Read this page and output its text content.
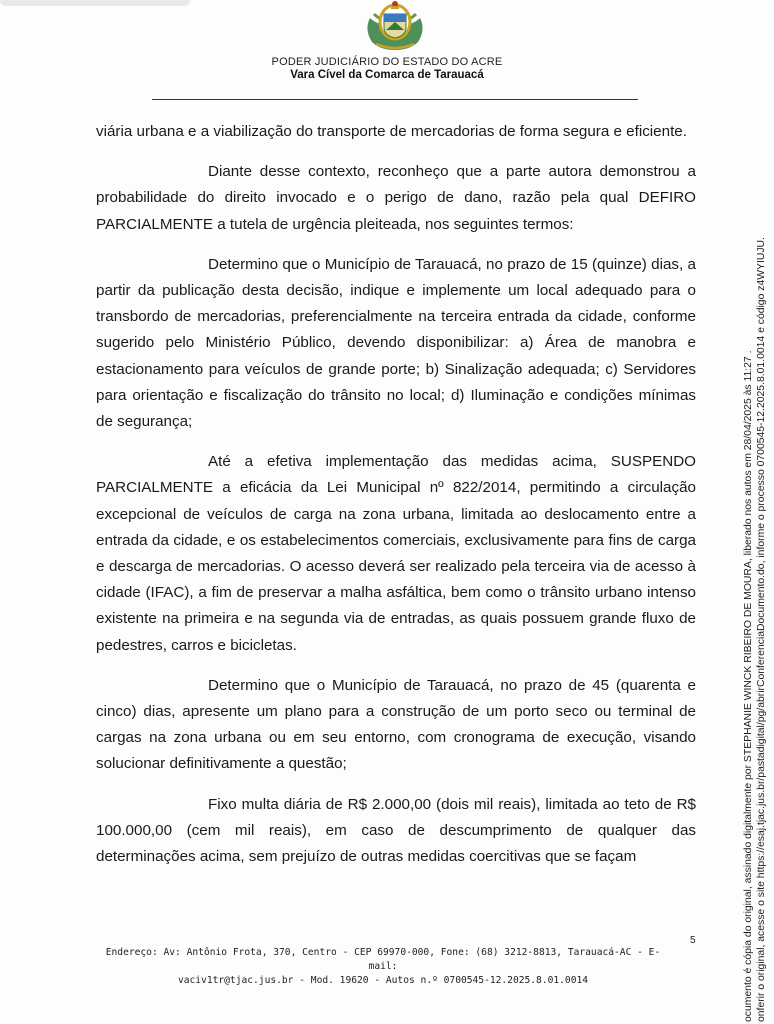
PODER JUDICIÁRIO DO ESTADO DO ACRE
Vara Cível da Comarca de Tarauacá

viária urbana e a viabilização do transporte de mercadorias de forma segura e eficiente.

Diante desse contexto, reconheço que a parte autora demonstrou a probabilidade do direito invocado e o perigo de dano, razão pela qual DEFIRO PARCIALMENTE a tutela de urgência pleiteada, nos seguintes termos:

Determino que o Município de Tarauacá, no prazo de 15 (quinze) dias, a partir da publicação desta decisão, indique e implemente um local adequado para o transbordo de mercadorias, preferencialmente na terceira entrada da cidade, conforme sugerido pelo Ministério Público, devendo disponibilizar: a) Área de manobra e estacionamento para veículos de grande porte; b) Sinalização adequada; c) Servidores para orientação e fiscalização do trânsito no local; d) Iluminação e condições mínimas de segurança;

Até a efetiva implementação das medidas acima, SUSPENDO PARCIALMENTE a eficácia da Lei Municipal nº 822/2014, permitindo a circulação excepcional de veículos de carga na zona urbana, limitada ao deslocamento entre a entrada da cidade, e os estabelecimentos comerciais, exclusivamente para fins de carga e descarga de mercadorias. O acesso deverá ser realizado pela terceira via de acesso à cidade (IFAC), a fim de preservar a malha asfáltica, bem como o trânsito urbano intenso existente na primeira e na segunda via de entradas, as quais possuem grande fluxo de pedestres, carros e bicicletas.

Determino que o Município de Tarauacá, no prazo de 45 (quarenta e cinco) dias, apresente um plano para a construção de um porto seco ou terminal de cargas na zona urbana ou em seu entorno, com cronograma de execução, visando solucionar definitivamente a questão;

Fixo multa diária de R$ 2.000,00 (dois mil reais), limitada ao teto de R$ 100.000,00 (cem mil reais), em caso de descumprimento de qualquer das determinações acima, sem prejuízo de outras medidas coercitivas que se façam

5
Endereço: Av: Antônio Frota, 370, Centro - CEP 69970-000, Fone: (68) 3212-8813, Tarauacá-AC - E-mail:
vaciv1tr@tjac.jus.br - Mod. 19620 - Autos n.º 0700545-12.2025.8.01.0014	ocumento é cópia do original, assinado digitalmente por STEPHANIE WINCK RIBEIRO DE MOURA, liberado nos autos em 28/04/2025 às 11:27 . onferir o original, acesse o site https://esaj.tjac.jus.br/pastadigital/pg/abrirConferenciaDocumento.do, informe o processo 0700545-12.2025.8.01.0014 e código z4WYIUJU.
